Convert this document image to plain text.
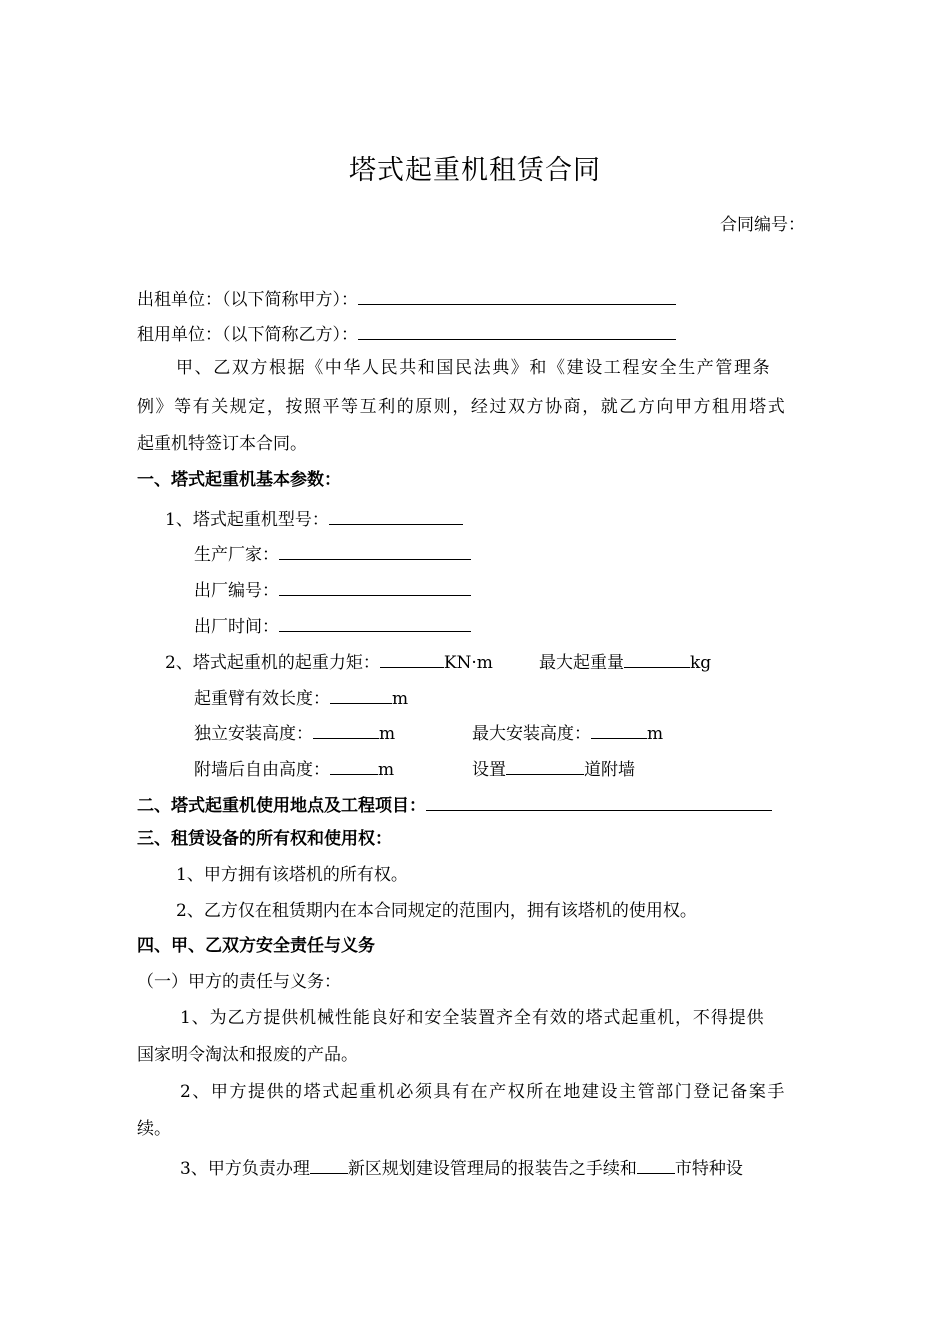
塔式起重机租赁合同
合同编号：
出租单位：（以下简称甲方）：
租用单位：（以下简称乙方）：
甲、乙双方根据《中华人民共和国民法典》和《建设工程安全生产管理条
例》等有关规定，按照平等互利的原则，经过双方协商，就乙方向甲方租用塔式
起重机特签订本合同。
一、塔式起重机基本参数：
1、塔式起重机型号：
生产厂家：
出厂编号：
出厂时间：
2、塔式起重机的起重力矩：	KN·m	最大起重量	kg
起重臂有效长度：	m
独立安装高度：	m	最大安装高度：	m
附墙后自由高度：	m	设置	道附墙
二、塔式起重机使用地点及工程项目：
三、租赁设备的所有权和使用权：
1、甲方拥有该塔机的所有权。
2、乙方仅在租赁期内在本合同规定的范围内，拥有该塔机的使用权。
四、甲、乙双方安全责任与义务
（一）甲方的责任与义务：
1、为乙方提供机械性能良好和安全装置齐全有效的塔式起重机，不得提供
国家明令淘汰和报废的产品。
2、甲方提供的塔式起重机必须具有在产权所在地建设主管部门登记备案手
续。
3、甲方负责办理 新区规划建设管理局的报装告之手续和 市特种设
